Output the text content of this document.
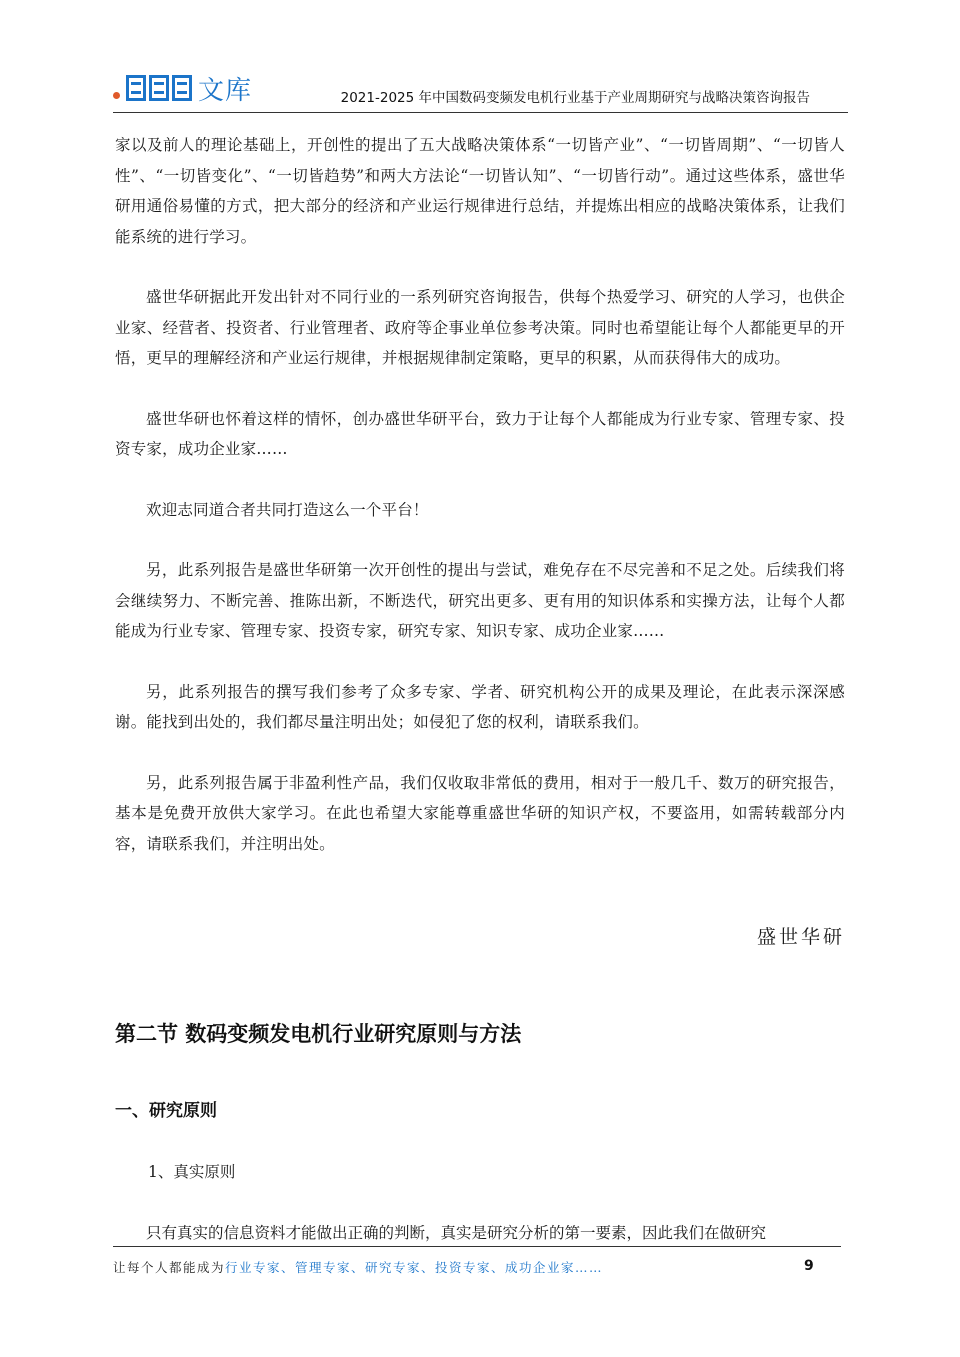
文库	2021-2025 年中国数码变频发电机行业基于产业周期研究与战略决策咨询报告

家以及前人的理论基础上，开创性的提出了五大战略决策体系“一切皆产业”、“一切皆周期”、“一切皆人性”、“一切皆变化”、“一切皆趋势”和两大方法论“一切皆认知”、“一切皆行动”。通过这些体系，盛世华研用通俗易懂的方式，把大部分的经济和产业运行规律进行总结，并提炼出相应的战略决策体系，让我们能系统的进行学习。

盛世华研据此开发出针对不同行业的一系列研究咨询报告，供每个热爱学习、研究的人学习，也供企业家、经营者、投资者、行业管理者、政府等企事业单位参考决策。同时也希望能让每个人都能更早的开悟，更早的理解经济和产业运行规律，并根据规律制定策略，更早的积累，从而获得伟大的成功。

盛世华研也怀着这样的情怀，创办盛世华研平台，致力于让每个人都能成为行业专家、管理专家、投资专家，成功企业家……

欢迎志同道合者共同打造这么一个平台！

另，此系列报告是盛世华研第一次开创性的提出与尝试，难免存在不尽完善和不足之处。后续我们将会继续努力、不断完善、推陈出新，不断迭代，研究出更多、更有用的知识体系和实操方法，让每个人都能成为行业专家、管理专家、投资专家，研究专家、知识专家、成功企业家……

另，此系列报告的撰写我们参考了众多专家、学者、研究机构公开的成果及理论，在此表示深深感谢。能找到出处的，我们都尽量注明出处；如侵犯了您的权利，请联系我们。

另，此系列报告属于非盈利性产品，我们仅收取非常低的费用，相对于一般几千、数万的研究报告，基本是免费开放供大家学习。在此也希望大家能尊重盛世华研的知识产权，不要盗用，如需转载部分内容，请联系我们，并注明出处。

盛世华研
第二节 数码变频发电机行业研究原则与方法
一、研究原则
1、真实原则
只有真实的信息资料才能做出正确的判断，真实是研究分析的第一要素，因此我们在做研究
让每个人都能成为行业专家、管理专家、研究专家、投资专家、成功企业家……	9
